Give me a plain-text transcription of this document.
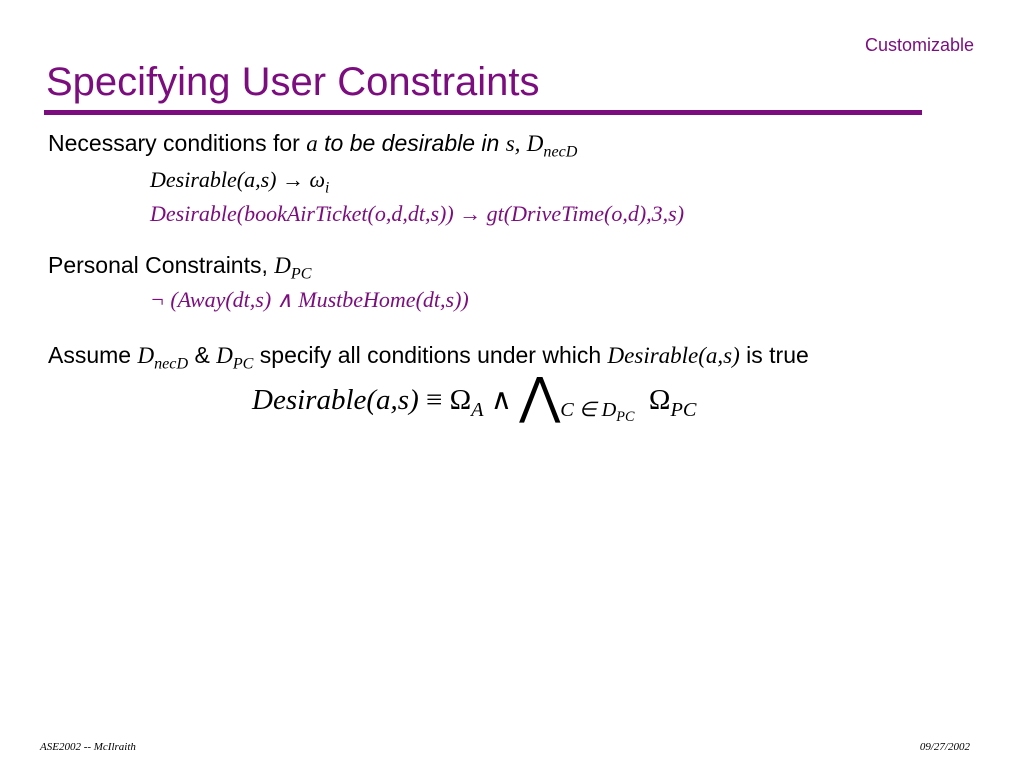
Customizable
Specifying User Constraints
Necessary conditions for a to be desirable in s, $D_{necD}$
Desirable(a,s) → $\omega_i$
Desirable(bookAirTicket(o,d,dt,s)) → gt(DriveTime(o,d),3,s)
Personal Constraints, $D_{PC}$
¬ (Away(dt,s) ∧ MustbeHome(dt,s))
Assume $D_{necD}$ & $D_{PC}$ specify all conditions under which Desirable(a,s) is true
Desirable(a,s) ≡ $\Omega_A$ ∧ $⋀_{C \in D_{PC}}$  $\Omega_{PC}$
ASE2002 -- McIlraith	09/27/2002
